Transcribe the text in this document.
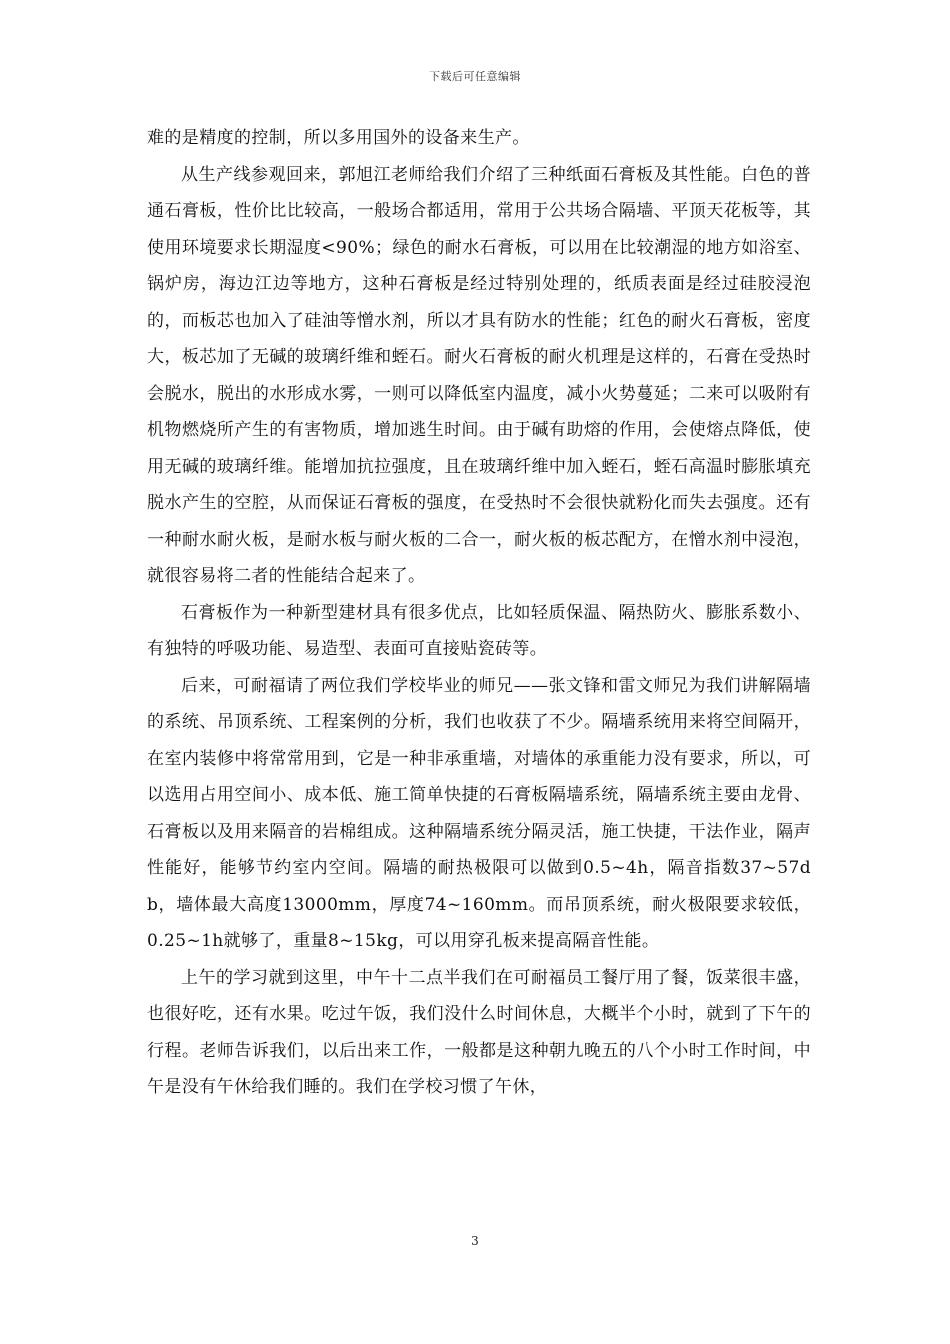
下载后可任意编辑

难的是精度的控制，所以多用国外的设备来生产。

从生产线参观回来，郭旭江老师给我们介绍了三种纸面石膏板及其性能。白色的普通石膏板，性价比比较高，一般场合都适用，常用于公共场合隔墙、平顶天花板等，其使用环境要求长期湿度<90%；绿色的耐水石膏板，可以用在比较潮湿的地方如浴室、锅炉房，海边江边等地方，这种石膏板是经过特别处理的，纸质表面是经过硅胶浸泡的，而板芯也加入了硅油等憎水剂，所以才具有防水的性能；红色的耐火石膏板，密度大，板芯加了无碱的玻璃纤维和蛭石。耐火石膏板的耐火机理是这样的，石膏在受热时会脱水，脱出的水形成水雾，一则可以降低室内温度，减小火势蔓延；二来可以吸附有机物燃烧所产生的有害物质，增加逃生时间。由于碱有助熔的作用，会使熔点降低，使用无碱的玻璃纤维。能增加抗拉强度，且在玻璃纤维中加入蛭石，蛭石高温时膨胀填充脱水产生的空腔，从而保证石膏板的强度，在受热时不会很快就粉化而失去强度。还有一种耐水耐火板，是耐水板与耐火板的二合一，耐火板的板芯配方，在憎水剂中浸泡，就很容易将二者的性能结合起来了。

石膏板作为一种新型建材具有很多优点，比如轻质保温、隔热防火、膨胀系数小、有独特的呼吸功能、易造型、表面可直接贴瓷砖等。

后来，可耐福请了两位我们学校毕业的师兄——张文锋和雷文师兄为我们讲解隔墙的系统、吊顶系统、工程案例的分析，我们也收获了不少。隔墙系统用来将空间隔开，在室内装修中将常常用到，它是一种非承重墙，对墙体的承重能力没有要求，所以，可以选用占用空间小、成本低、施工简单快捷的石膏板隔墙系统，隔墙系统主要由龙骨、石膏板以及用来隔音的岩棉组成。这种隔墙系统分隔灵活，施工快捷，干法作业，隔声性能好，能够节约室内空间。隔墙的耐热极限可以做到0.5~4h，隔音指数37~57db，墙体最大高度13000mm，厚度74~160mm。而吊顶系统，耐火极限要求较低，0.25~1h就够了，重量8~15kg，可以用穿孔板来提高隔音性能。

上午的学习就到这里，中午十二点半我们在可耐福员工餐厅用了餐，饭菜很丰盛，也很好吃，还有水果。吃过午饭，我们没什么时间休息，大概半个小时，就到了下午的行程。老师告诉我们，以后出来工作，一般都是这种朝九晚五的八个小时工作时间，中午是没有午休给我们睡的。我们在学校习惯了午休，

3
